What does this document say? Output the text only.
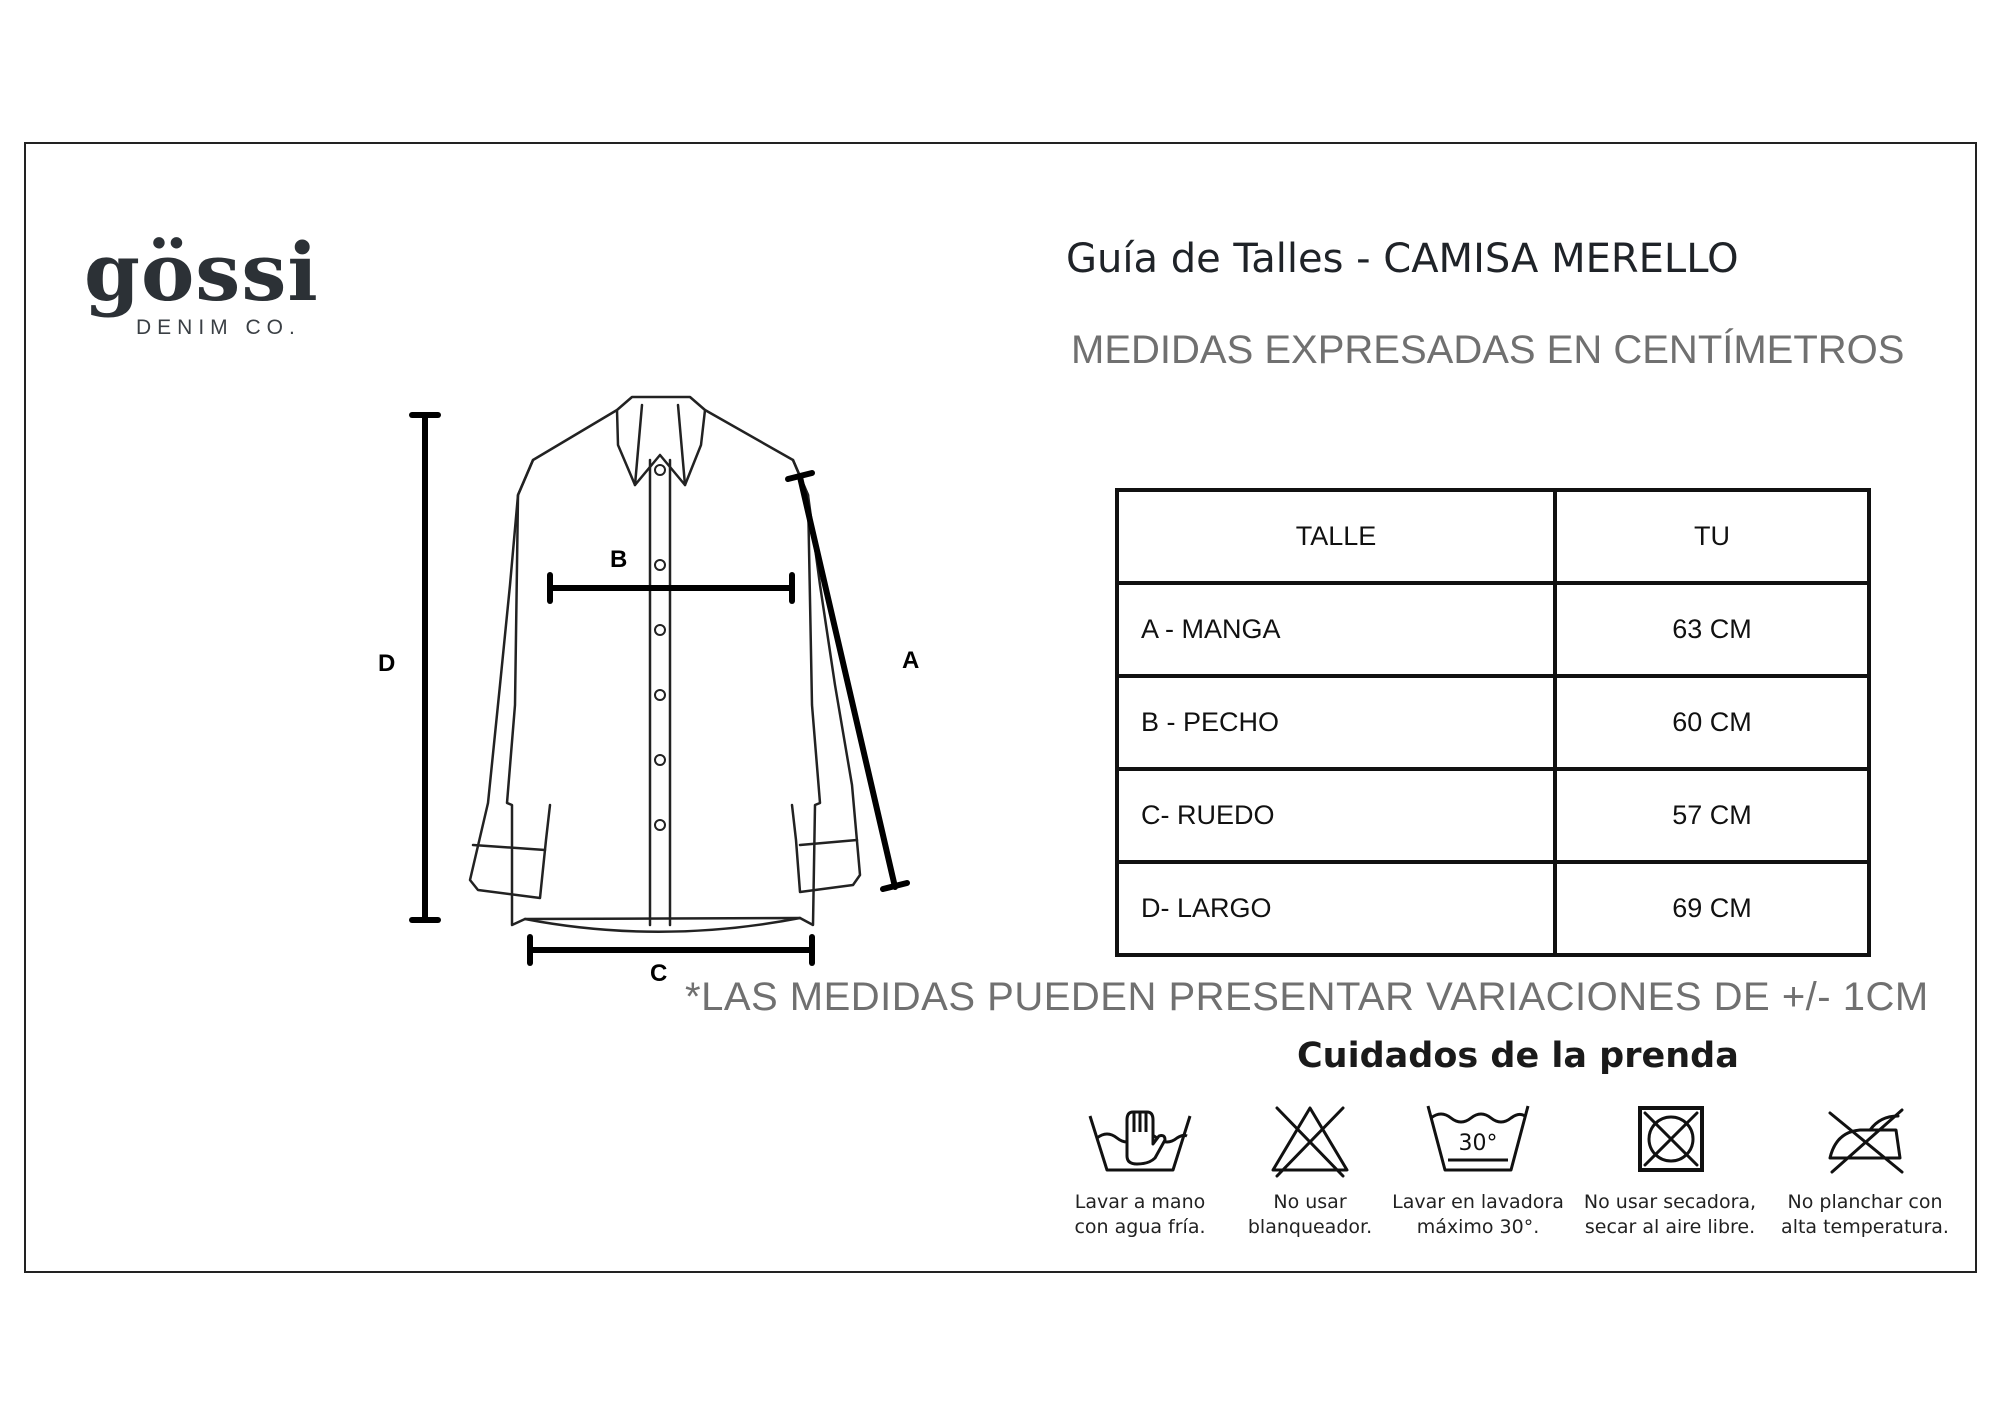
gössi
DENIM CO.
Guía de Talles - CAMISA MERELLO
MEDIDAS EXPRESADAS EN CENTÍMETROS
D
B
C
A
TALLE	TU
A - MANGA	63 CM
B - PECHO	60 CM
C- RUEDO	57 CM
D- LARGO	69 CM
*LAS MEDIDAS PUEDEN PRESENTAR VARIACIONES DE +/- 1CM
Cuidados de la prenda
Lavar a mano
con agua fría.
No usar
blanqueador.
30°
Lavar en lavadora
máximo 30°.
No usar secadora,
secar al aire libre.
No planchar con
alta temperatura.
